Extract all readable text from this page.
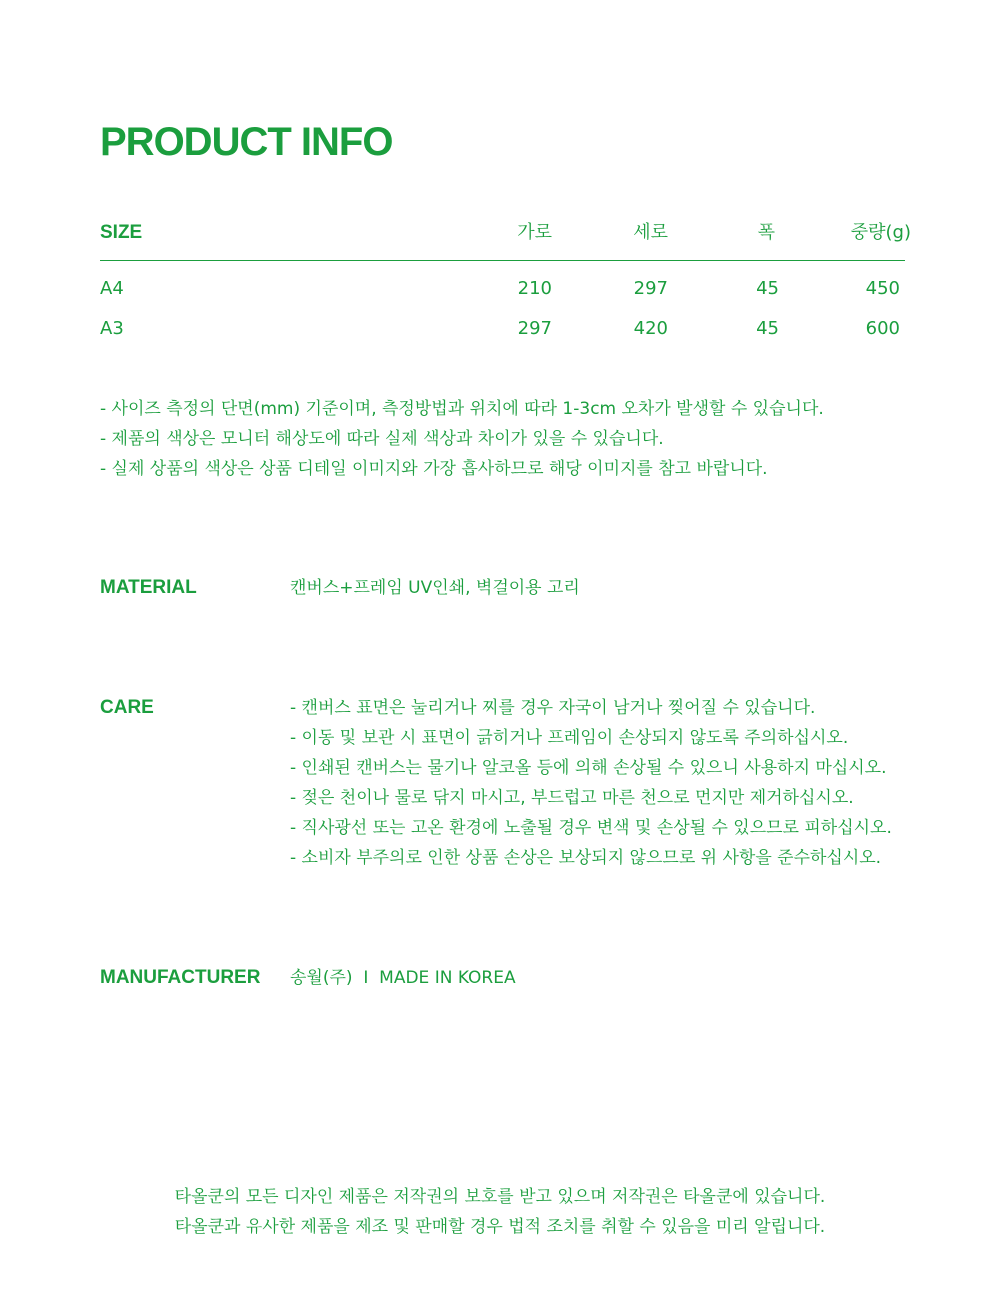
PRODUCT INFO
SIZE	가로	세로	폭	중량(g)
A4	210	297	45	450
A3	297	420	45	600
- 사이즈 측정의 단면(mm) 기준이며, 측정방법과 위치에 따라 1-3cm 오차가 발생할 수 있습니다.
- 제품의 색상은 모니터 해상도에 따라 실제 색상과 차이가 있을 수 있습니다.
- 실제 상품의 색상은 상품 디테일 이미지와 가장 흡사하므로 해당 이미지를 참고 바랍니다.
MATERIAL	캔버스+프레임 UV인쇄, 벽걸이용 고리
CARE	- 캔버스 표면은 눌리거나 찌를 경우 자국이 남거나 찢어질 수 있습니다.
- 이동 및 보관 시 표면이 긁히거나 프레임이 손상되지 않도록 주의하십시오.
- 인쇄된 캔버스는 물기나 알코올 등에 의해 손상될 수 있으니 사용하지 마십시오.
- 젖은 천이나 물로 닦지 마시고, 부드럽고 마른 천으로 먼지만 제거하십시오.
- 직사광선 또는 고온 환경에 노출될 경우 변색 및 손상될 수 있으므로 피하십시오.
- 소비자 부주의로 인한 상품 손상은 보상되지 않으므로 위 사항을 준수하십시오.
MANUFACTURER 송월(주)  I  MADE IN KOREA
타올쿤의 모든 디자인 제품은 저작권의 보호를 받고 있으며 저작권은 타올쿤에 있습니다.
타올쿤과 유사한 제품을 제조 및 판매할 경우 법적 조치를 취할 수 있음을 미리 알립니다.
